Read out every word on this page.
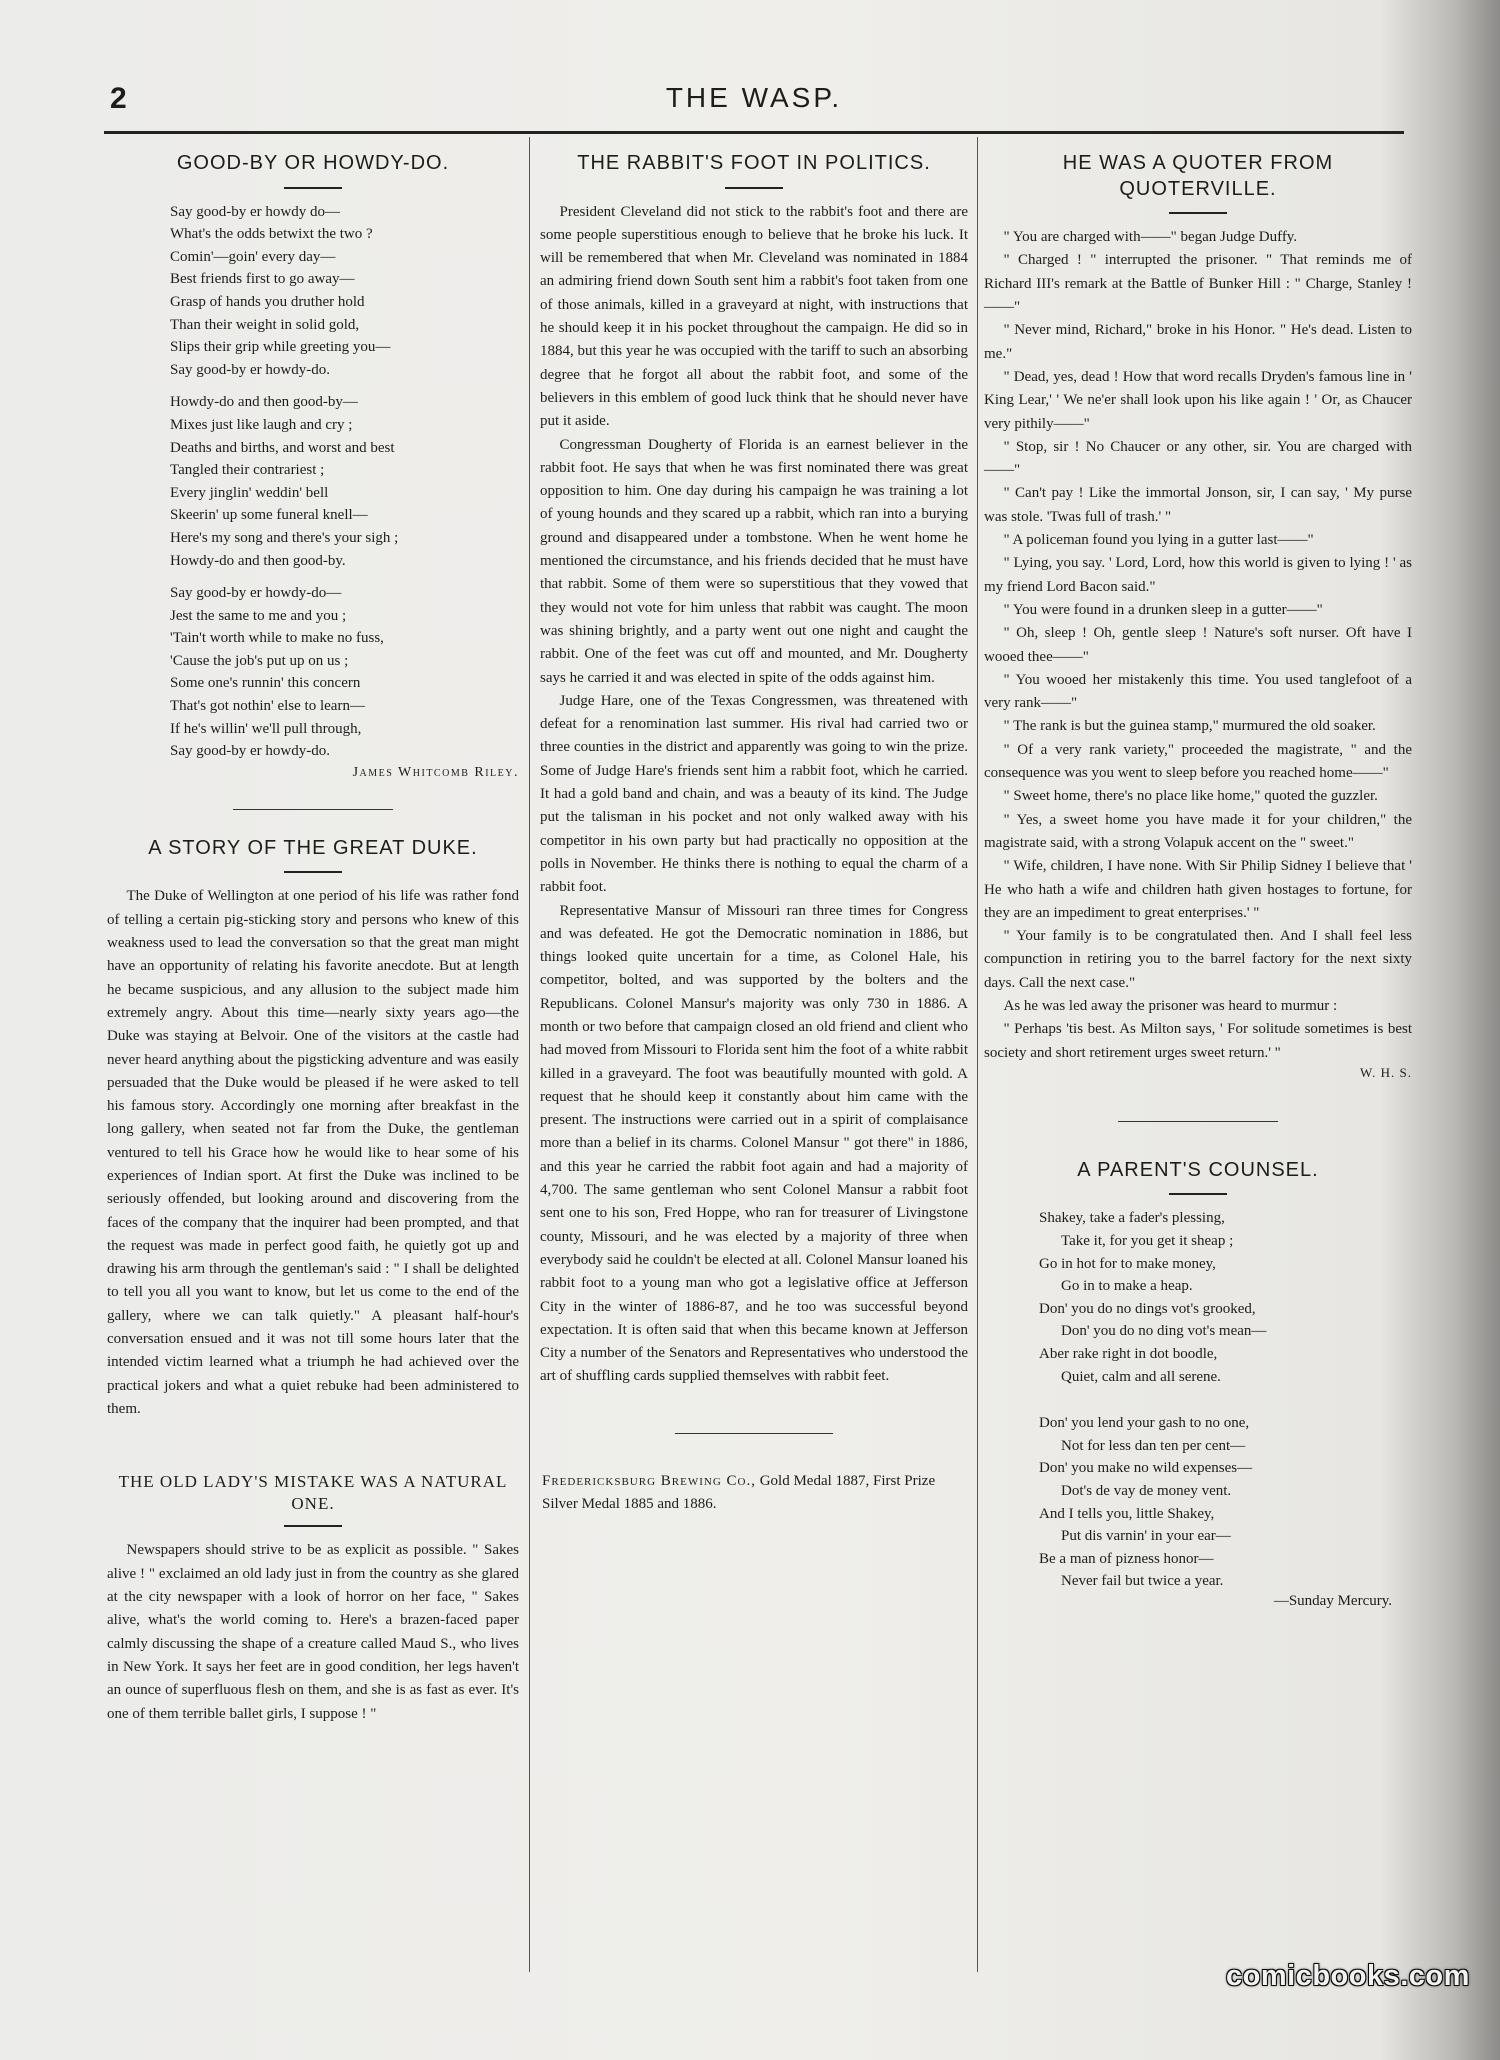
2	THE WASP.
GOOD-BY OR HOWDY-DO.
Say good-by er howdy do—
What's the odds betwixt the two ?
Comin'—goin' every day—
Best friends first to go away—
Grasp of hands you druther hold
Than their weight in solid gold,
Slips their grip while greeting you—
Say good-by er howdy-do.
Howdy-do and then good-by—
Mixes just like laugh and cry ;
Deaths and births, and worst and best
Tangled their contrariest ;
Every jinglin' weddin' bell
Skeerin' up some funeral knell—
Here's my song and there's your sigh ;
Howdy-do and then good-by.
Say good-by er howdy-do—
Jest the same to me and you ;
'Tain't worth while to make no fuss,
'Cause the job's put up on us ;
Some one's runnin' this concern
That's got nothin' else to learn—
If he's willin' we'll pull through,
Say good-by er howdy-do.
James Whitcomb Riley.
A STORY OF THE GREAT DUKE.

The Duke of Wellington at one period of his life was rather fond of telling a certain pig-sticking story and persons who knew of this weakness used to lead the conversation so that the great man might have an opportunity of relating his favorite anecdote. But at length he became suspicious, and any allusion to the subject made him extremely angry. About this time—nearly sixty years ago—the Duke was staying at Belvoir. One of the visitors at the castle had never heard anything about the pigsticking adventure and was easily persuaded that the Duke would be pleased if he were asked to tell his famous story. Accordingly one morning after breakfast in the long gallery, when seated not far from the Duke, the gentleman ventured to tell his Grace how he would like to hear some of his experiences of Indian sport. At first the Duke was inclined to be seriously offended, but looking around and discovering from the faces of the company that the inquirer had been prompted, and that the request was made in perfect good faith, he quietly got up and drawing his arm through the gentleman's said : " I shall be delighted to tell you all you want to know, but let us come to the end of the gallery, where we can talk quietly." A pleasant half-hour's conversation ensued and it was not till some hours later that the intended victim learned what a triumph he had achieved over the practical jokers and what a quiet rebuke had been administered to them.

THE OLD LADY'S MISTAKE WAS A NATURAL ONE.

Newspapers should strive to be as explicit as possible. " Sakes alive ! " exclaimed an old lady just in from the country as she glared at the city newspaper with a look of horror on her face, " Sakes alive, what's the world coming to. Here's a brazen-faced paper calmly discussing the shape of a creature called Maud S., who lives in New York. It says her feet are in good condition, her legs haven't an ounce of superfluous flesh on them, and she is as fast as ever. It's one of them terrible ballet girls, I suppose ! "

THE RABBIT'S FOOT IN POLITICS.

President Cleveland did not stick to the rabbit's foot and there are some people superstitious enough to believe that he broke his luck. It will be remembered that when Mr. Cleveland was nominated in 1884 an admiring friend down South sent him a rabbit's foot taken from one of those animals, killed in a graveyard at night, with instructions that he should keep it in his pocket throughout the campaign. He did so in 1884, but this year he was occupied with the tariff to such an absorbing degree that he forgot all about the rabbit foot, and some of the believers in this emblem of good luck think that he should never have put it aside.

Congressman Dougherty of Florida is an earnest believer in the rabbit foot. He says that when he was first nominated there was great opposition to him. One day during his campaign he was training a lot of young hounds and they scared up a rabbit, which ran into a burying ground and disappeared under a tombstone. When he went home he mentioned the circumstance, and his friends decided that he must have that rabbit. Some of them were so superstitious that they vowed that they would not vote for him unless that rabbit was caught. The moon was shining brightly, and a party went out one night and caught the rabbit. One of the feet was cut off and mounted, and Mr. Dougherty says he carried it and was elected in spite of the odds against him.

Judge Hare, one of the Texas Congressmen, was threatened with defeat for a renomination last summer. His rival had carried two or three counties in the district and apparently was going to win the prize. Some of Judge Hare's friends sent him a rabbit foot, which he carried. It had a gold band and chain, and was a beauty of its kind. The Judge put the talisman in his pocket and not only walked away with his competitor in his own party but had practically no opposition at the polls in November. He thinks there is nothing to equal the charm of a rabbit foot.

Representative Mansur of Missouri ran three times for Congress and was defeated. He got the Democratic nomination in 1886, but things looked quite uncertain for a time, as Colonel Hale, his competitor, bolted, and was supported by the bolters and the Republicans. Colonel Mansur's majority was only 730 in 1886. A month or two before that campaign closed an old friend and client who had moved from Missouri to Florida sent him the foot of a white rabbit killed in a graveyard. The foot was beautifully mounted with gold. A request that he should keep it constantly about him came with the present. The instructions were carried out in a spirit of complaisance more than a belief in its charms. Colonel Mansur " got there" in 1886, and this year he carried the rabbit foot again and had a majority of 4,700. The same gentleman who sent Colonel Mansur a rabbit foot sent one to his son, Fred Hoppe, who ran for treasurer of Livingstone county, Missouri, and he was elected by a majority of three when everybody said he couldn't be elected at all. Colonel Mansur loaned his rabbit foot to a young man who got a legislative office at Jefferson City in the winter of 1886-87, and he too was successful beyond expectation. It is often said that when this became known at Jefferson City a number of the Senators and Representatives who understood the art of shuffling cards supplied themselves with rabbit feet.

Fredericksburg Brewing Co., Gold Medal 1887, First Prize Silver Medal 1885 and 1886.
HE WAS A QUOTER FROM QUOTERVILLE.

" You are charged with——" began Judge Duffy.

" Charged ! " interrupted the prisoner. " That reminds me of Richard III's remark at the Battle of Bunker Hill : " Charge, Stanley !——"

" Never mind, Richard," broke in his Honor. " He's dead. Listen to me."

" Dead, yes, dead ! How that word recalls Dryden's famous line in ' King Lear,' ' We ne'er shall look upon his like again ! ' Or, as Chaucer very pithily——"

" Stop, sir ! No Chaucer or any other, sir. You are charged with——"

" Can't pay ! Like the immortal Jonson, sir, I can say, ' My purse was stole. 'Twas full of trash.' "

" A policeman found you lying in a gutter last——"

" Lying, you say. ' Lord, Lord, how this world is given to lying ! ' as my friend Lord Bacon said."

" You were found in a drunken sleep in a gutter——"

" Oh, sleep ! Oh, gentle sleep ! Nature's soft nurser. Oft have I wooed thee——"

" You wooed her mistakenly this time. You used tanglefoot of a very rank——"

" The rank is but the guinea stamp," murmured the old soaker.

" Of a very rank variety," proceeded the magistrate, " and the consequence was you went to sleep before you reached home——"

" Sweet home, there's no place like home," quoted the guzzler.

" Yes, a sweet home you have made it for your children," the magistrate said, with a strong Volapuk accent on the " sweet."

" Wife, children, I have none. With Sir Philip Sidney I believe that ' He who hath a wife and children hath given hostages to fortune, for they are an impediment to great enterprises.' "

" Your family is to be congratulated then. And I shall feel less compunction in retiring you to the barrel factory for the next sixty days. Call the next case."

As he was led away the prisoner was heard to murmur :

" Perhaps 'tis best. As Milton says, ' For solitude sometimes is best society and short retirement urges sweet return.' "

W. H. S.
A PARENT'S COUNSEL.
Shakey, take a fader's plessing,
Take it, for you get it sheap ;
Go in hot for to make money,
Go in to make a heap.
Don' you do no dings vot's grooked,
Don' you do no ding vot's mean—
Aber rake right in dot boodle,
Quiet, calm and all serene.
Don' you lend your gash to no one,
Not for less dan ten per cent—
Don' you make no wild expenses—
Dot's de vay de money vent.
And I tells you, little Shakey,
Put dis varnin' in your ear—
Be a man of pizness honor—
Never fail but twice a year.
—Sunday Mercury.
comicbooks.com
